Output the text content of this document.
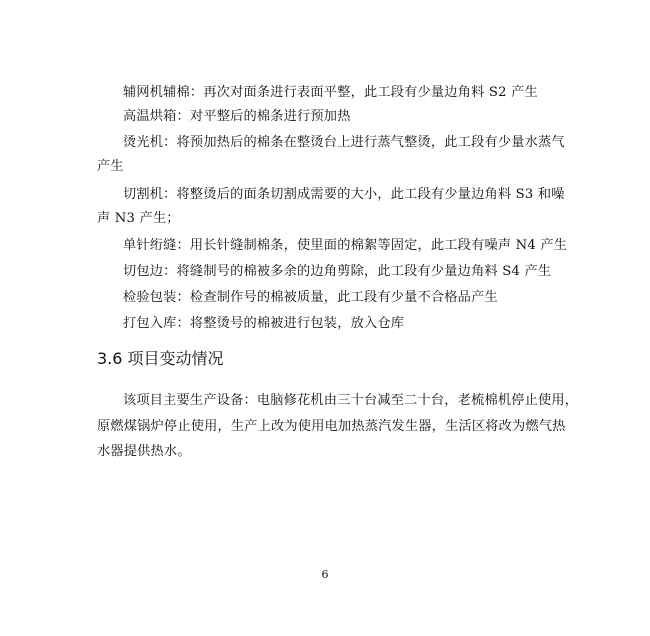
辅网机辅棉：再次对面条进行表面平整，此工段有少量边角料 S2 产生
高温烘箱：对平整后的棉条进行预加热
烫光机：将预加热后的棉条在整烫台上进行蒸气整烫，此工段有少量水蒸气
产生
切割机：将整烫后的面条切割成需要的大小，此工段有少量边角料 S3 和噪
声 N3 产生；
单针绗缝：用长针缝制棉条，使里面的棉絮等固定，此工段有噪声 N4 产生
切包边：将缝制号的棉被多余的边角剪除，此工段有少量边角料 S4 产生
检验包装：检查制作号的棉被质量，此工段有少量不合格品产生
打包入库：将整烫号的棉被进行包装，放入仓库
3.6 项目变动情况
该项目主要生产设备：电脑修花机由三十台减至二十台，老梳棉机停止使用，
原燃煤锅炉停止使用，生产上改为使用电加热蒸汽发生器，生活区将改为燃气热
水器提供热水。
6
